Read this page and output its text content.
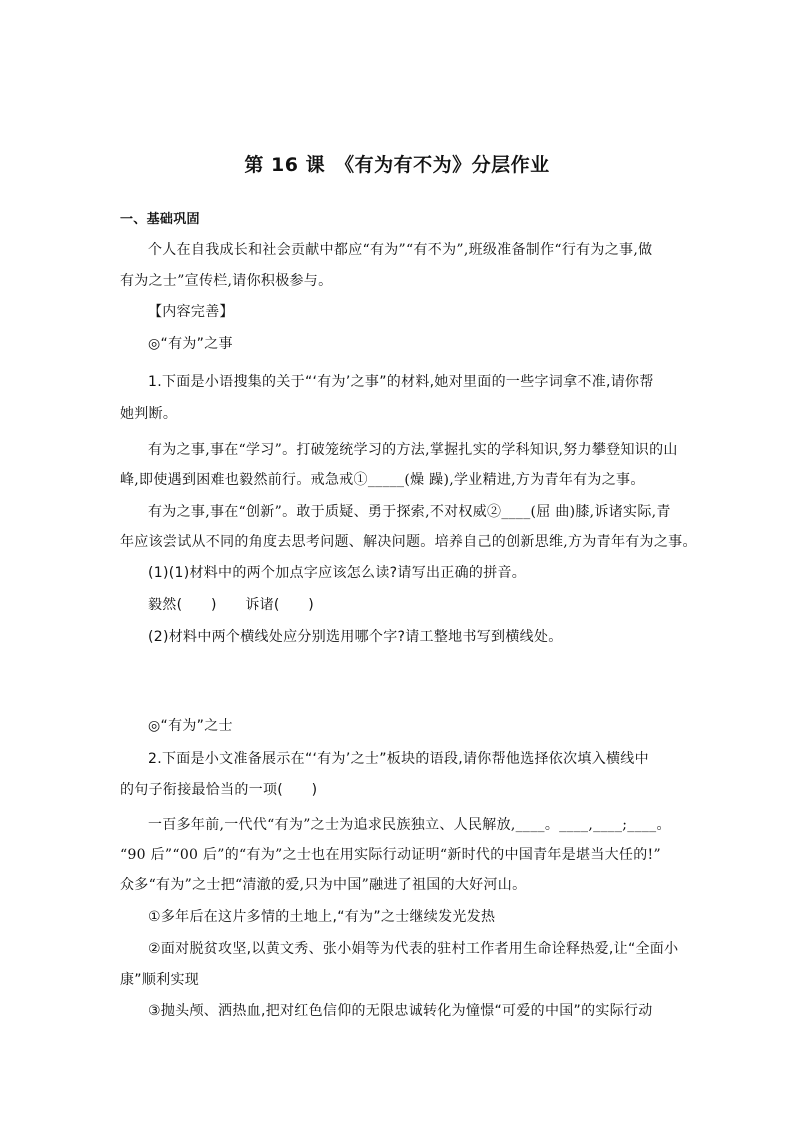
第 16 课　《有为有不为》分层作业
一、基础巩固
个人在自我成长和社会贡献中都应“有为”“有不为”,班级准备制作“行有为之事,做
有为之士”宣传栏,请你积极参与。
【内容完善】
◎“有为”之事
1.下面是小语搜集的关于“‘有为’之事”的材料,她对里面的一些字词拿不准,请你帮
她判断。
有为之事,事在“学习”。打破笼统学习的方法,掌握扎实的学科知识,努力攀登知识的山
峰,即使遇到困难也毅然前行。戒急戒①_____(燥 躁),学业精进,方为青年有为之事。
有为之事,事在“创新”。敢于质疑、勇于探索,不对权威②____(屈 曲)膝,诉诸实际,青
年应该尝试从不同的角度去思考问题、解决问题。培养自己的创新思维,方为青年有为之事。
(1)(1)材料中的两个加点字应该怎么读?请写出正确的拼音。
毅然(　　)　　诉诸(　　)
(2)材料中两个横线处应分别选用哪个字?请工整地书写到横线处。
◎“有为”之士
2.下面是小文准备展示在“‘有为’之士”板块的语段,请你帮他选择依次填入横线中
的句子衔接最恰当的一项(　　)
一百多年前,一代代“有为”之士为追求民族独立、人民解放,____。____,____;____。
“90 后”“00 后”的“有为”之士也在用实际行动证明“新时代的中国青年是堪当大任的!”
众多“有为”之士把“清澈的爱,只为中国”融进了祖国的大好河山。
①多年后在这片多情的土地上,“有为”之士继续发光发热
②面对脱贫攻坚,以黄文秀、张小娟等为代表的驻村工作者用生命诠释热爱,让“全面小
康”顺利实现
③抛头颅、洒热血,把对红色信仰的无限忠诚转化为憧憬“可爱的中国”的实际行动
